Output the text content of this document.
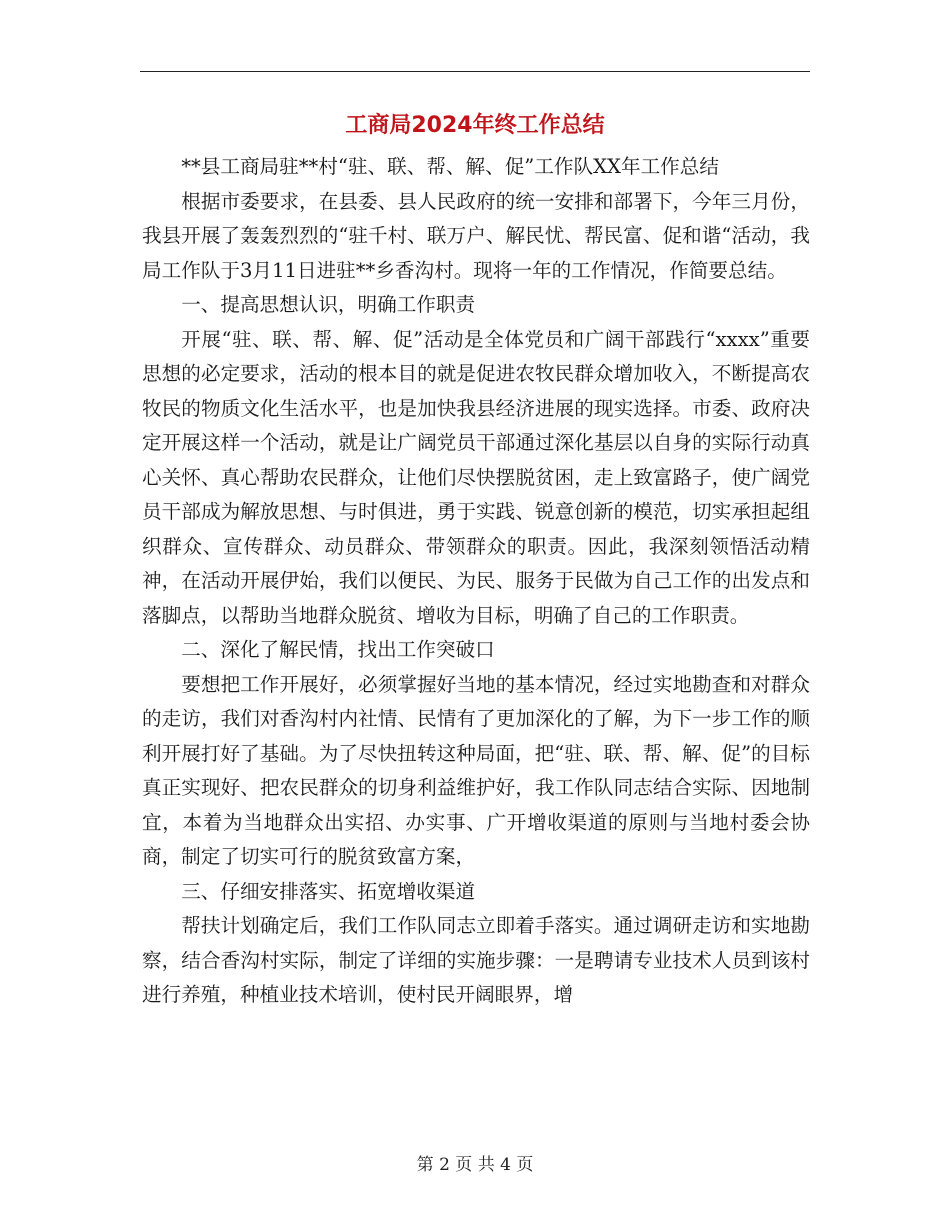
工商局2024年终工作总结

**县工商局驻**村“驻、联、帮、解、促”工作队XX年工作总结

根据市委要求，在县委、县人民政府的统一安排和部署下，今年三月份，我县开展了轰轰烈烈的“驻千村、联万户、解民忧、帮民富、促和谐“活动，我局工作队于3月11日进驻**乡香沟村。现将一年的工作情况，作简要总结。

一、提高思想认识，明确工作职责

开展“驻、联、帮、解、促”活动是全体党员和广阔干部践行“xxxx”重要思想的必定要求，活动的根本目的就是促进农牧民群众增加收入，不断提高农牧民的物质文化生活水平，也是加快我县经济进展的现实选择。市委、政府决定开展这样一个活动，就是让广阔党员干部通过深化基层以自身的实际行动真心关怀、真心帮助农民群众，让他们尽快摆脱贫困，走上致富路子，使广阔党员干部成为解放思想、与时俱进，勇于实践、锐意创新的模范，切实承担起组织群众、宣传群众、动员群众、带领群众的职责。因此，我深刻领悟活动精神，在活动开展伊始，我们以便民、为民、服务于民做为自己工作的出发点和落脚点，以帮助当地群众脱贫、增收为目标，明确了自己的工作职责。

二、深化了解民情，找出工作突破口

要想把工作开展好，必须掌握好当地的基本情况，经过实地勘查和对群众的走访，我们对香沟村内社情、民情有了更加深化的了解，为下一步工作的顺利开展打好了基础。为了尽快扭转这种局面，把“驻、联、帮、解、促”的目标真正实现好、把农民群众的切身利益维护好，我工作队同志结合实际、因地制宜，本着为当地群众出实招、办实事、广开增收渠道的原则与当地村委会协商，制定了切实可行的脱贫致富方案，

三、仔细安排落实、拓宽增收渠道

帮扶计划确定后，我们工作队同志立即着手落实。通过调研走访和实地勘察，结合香沟村实际，制定了详细的实施步骤：一是聘请专业技术人员到该村进行养殖，种植业技术培训，使村民开阔眼界，增

第 2 页 共 4 页
